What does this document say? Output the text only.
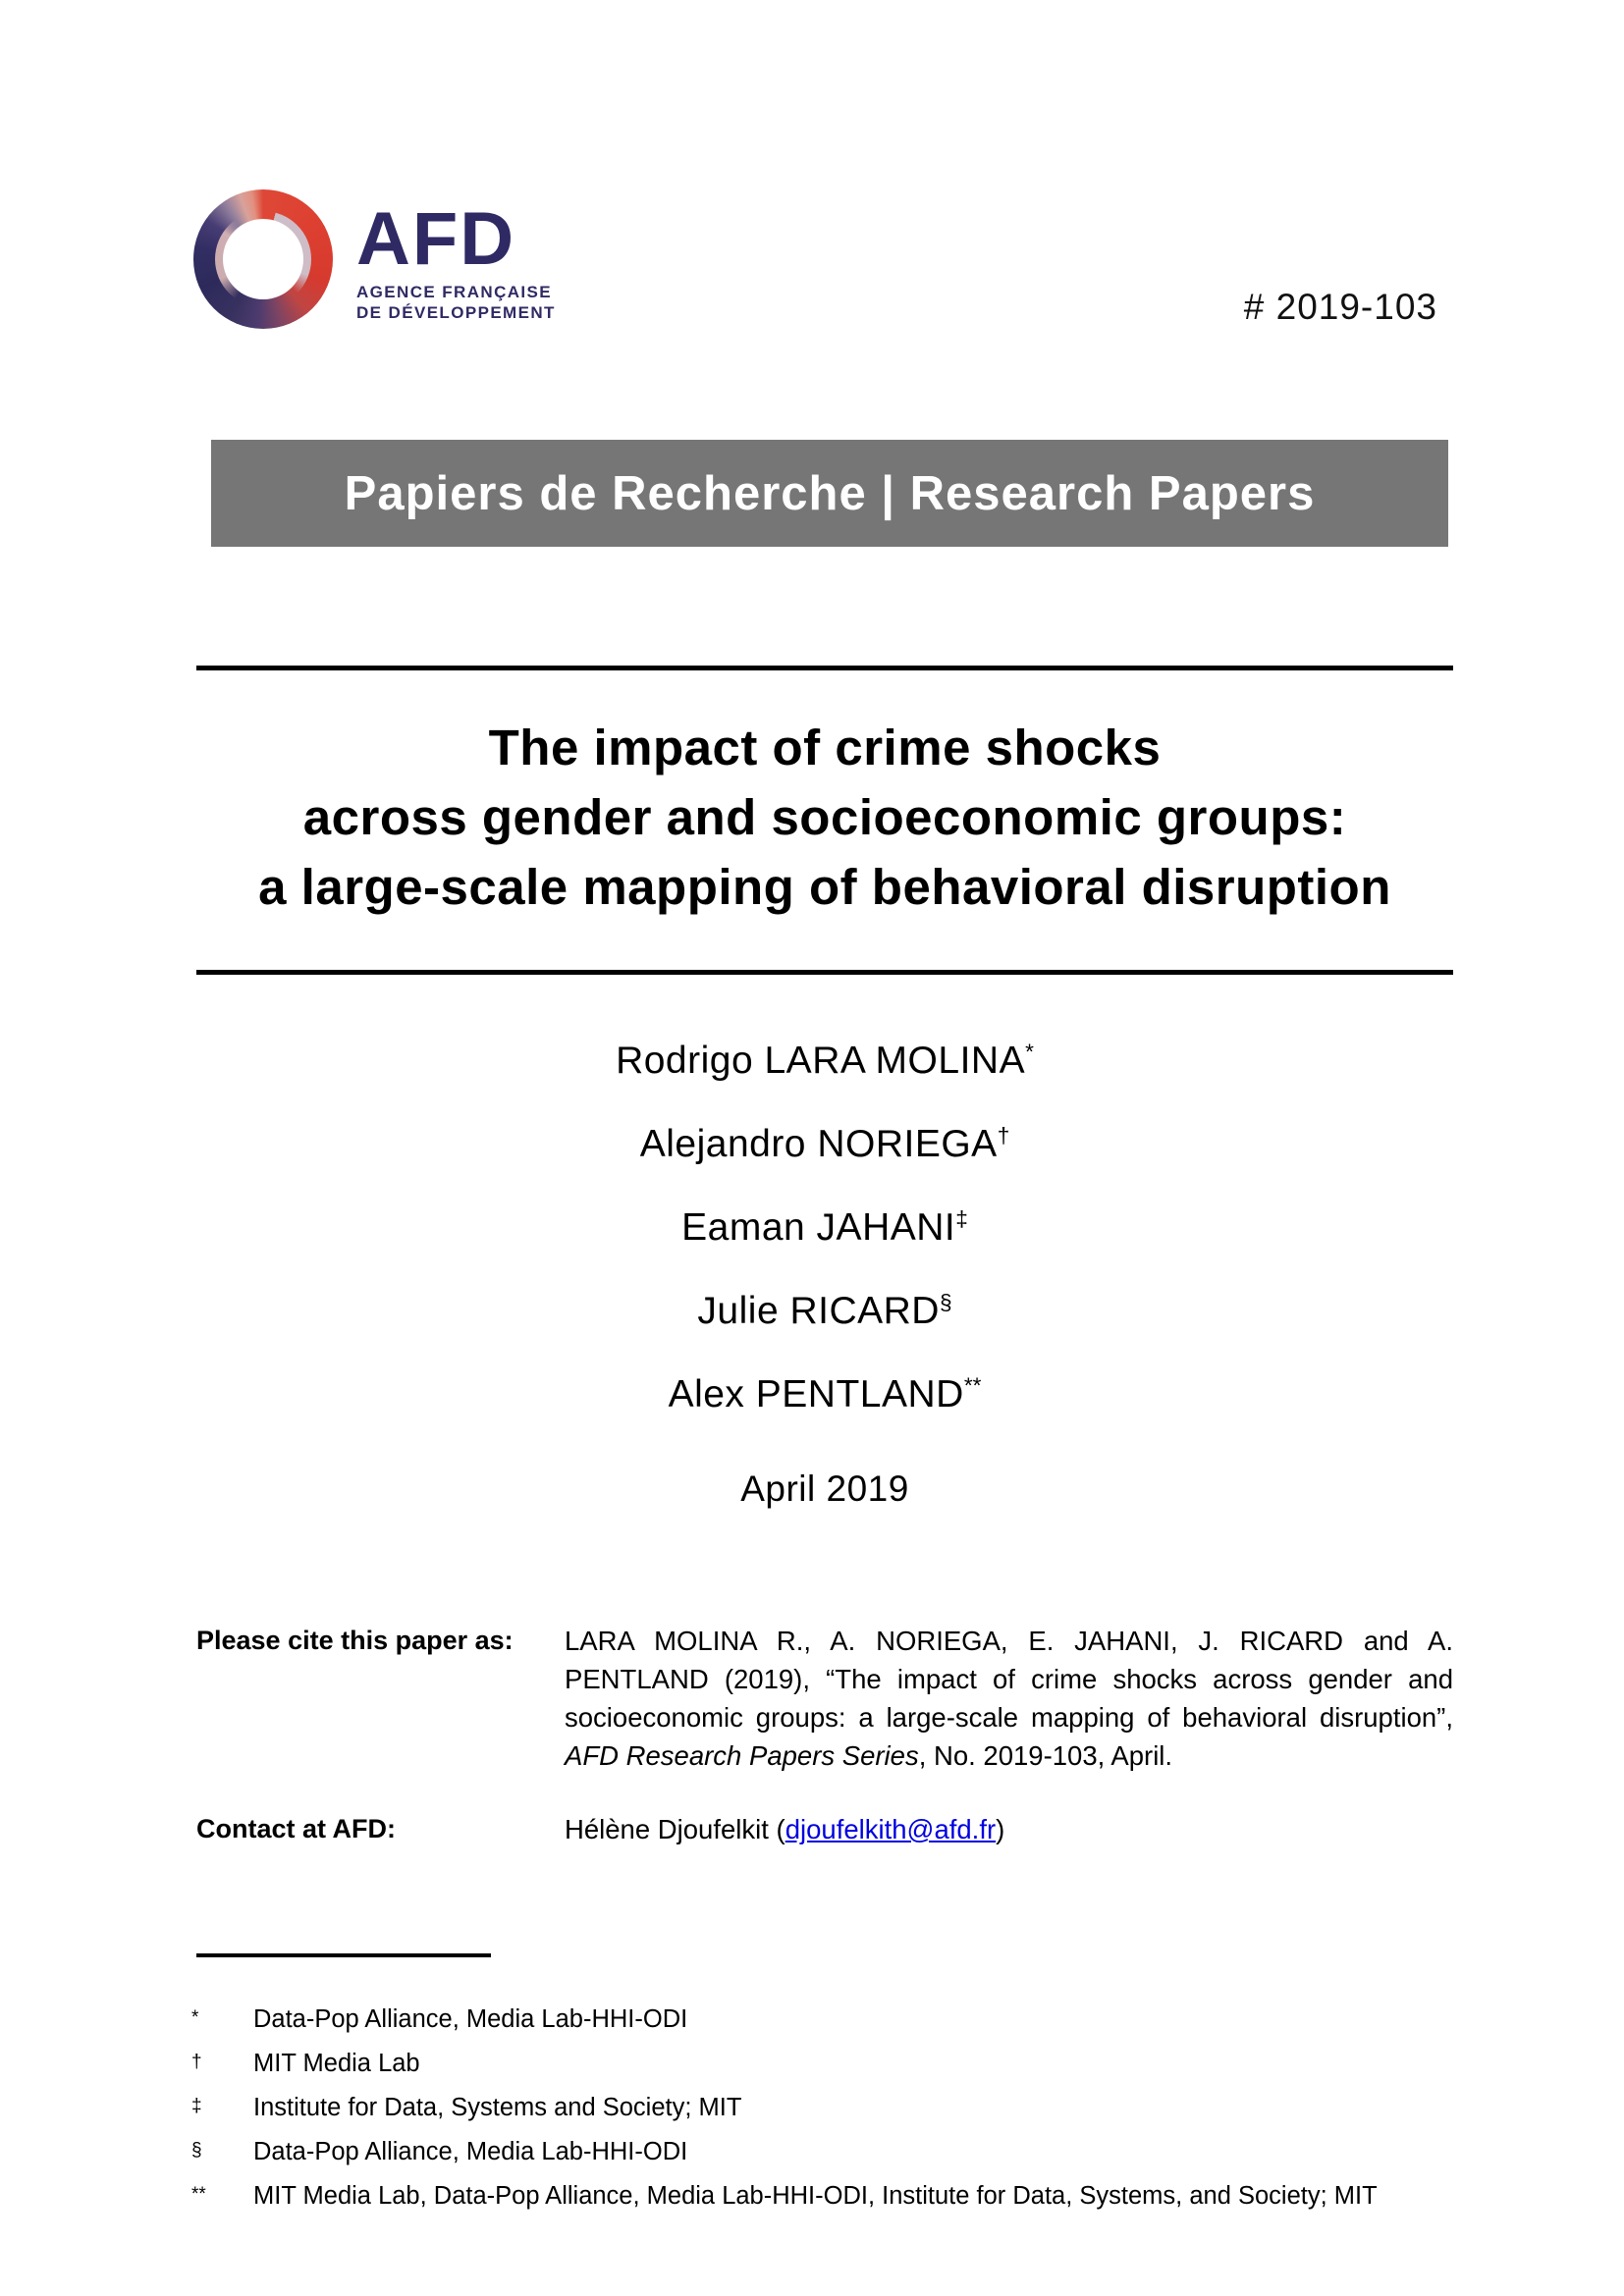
AFD
AGENCE FRANÇAISE
DE DÉVELOPPEMENT	# 2019-103
Papiers de Recherche | Research Papers
The impact of crime shocks
across gender and socioeconomic groups:
a large-scale mapping of behavioral disruption
Rodrigo LARA MOLINA*
Alejandro NORIEGA†
Eaman JAHANI‡
Julie RICARD§
Alex PENTLAND**
April 2019
Please cite this paper as:	LARA MOLINA R., A. NORIEGA, E. JAHANI, J. RICARD and A. PENTLAND (2019), “The impact of crime shocks across gender and socioeconomic groups: a large-scale mapping of behavioral disruption”, AFD Research Papers Series, No. 2019-103, April.
Contact at AFD:	Hélène Djoufelkit (djoufelkith@afd.fr)
*	Data-Pop Alliance, Media Lab-HHI-ODI
†	MIT Media Lab
‡	Institute for Data, Systems and Society; MIT
§	Data-Pop Alliance, Media Lab-HHI-ODI
**	MIT Media Lab, Data-Pop Alliance, Media Lab-HHI-ODI, Institute for Data, Systems, and Society; MIT
